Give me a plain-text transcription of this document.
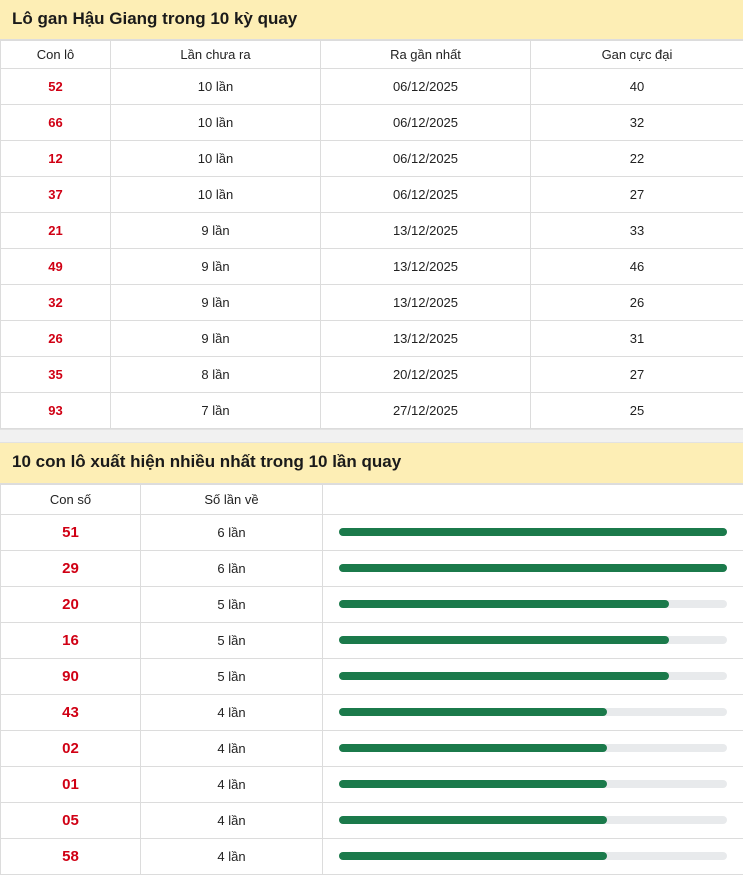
Lô gan Hậu Giang trong 10 kỳ quay
Con lô	Lần chưa ra	Ra gần nhất	Gan cực đại
52	10 lần	06/12/2025	40
66	10 lần	06/12/2025	32
12	10 lần	06/12/2025	22
37	10 lần	06/12/2025	27
21	9 lần	13/12/2025	33
49	9 lần	13/12/2025	46
32	9 lần	13/12/2025	26
26	9 lần	13/12/2025	31
35	8 lần	20/12/2025	27
93	7 lần	27/12/2025	25
10 con lô xuất hiện nhiều nhất trong 10 lần quay
Con số	Số lần về	
51	6 lần	

29	6 lần	

20	5 lần	

16	5 lần	

90	5 lần	

43	4 lần	

02	4 lần	

01	4 lần	

05	4 lần	

58	4 lần	
